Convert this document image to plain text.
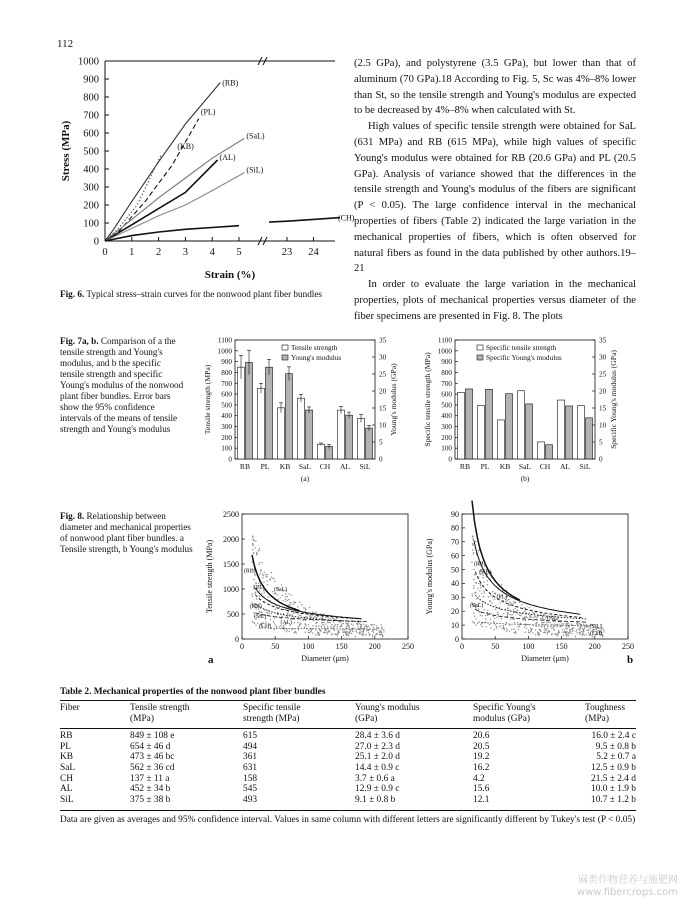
112

(2.5 GPa), and polystyrene (3.5 GPa), but lower than that of aluminum (70 GPa).18 According to Fig. 5, Sc was 4%–8% lower than St, so the tensile strength and Young's modulus are expected to be decreased by 4%–8% when calculated with St.

High values of specific tensile strength were obtained for SaL (631 MPa) and RB (615 MPa), while high values of specific Young's modulus were obtained for RB (20.6 GPa) and PL (20.5 GPa). Analysis of variance showed that the differences in the tensile strength and Young's modulus of the fibers are significant (P < 0.05). The large confidence interval in the mechanical properties of fibers (Table 2) indicated the large variation in the mechanical properties of fibers, which is often observed for natural fibers as found in the data published by other authors.19–21

In order to evaluate the large variation in the mechanical properties, plots of mechanical properties versus diameter of the fiber specimens are presented in Fig. 8. The plots

0
100
200
300
400
500
600
700
800
900
1000
0 1 2 3 4 5	23 24
Stress (MPa)
Strain (%)
(RB)
(PL)
(KB)
(SaL)
(AL)
(SiL)
(CH)
Fig. 6. Typical stress–strain curves for the nonwood plant fiber bundles
Fig. 7a, b. Comparison of a the tensile strength and Young's modulus, and b the specific tensile strength and specific Young's modulus of the nonwood plant fiber bundles. Error bars show the 95% confidence intervals of the means of tensile strength and Young's modulus
0
100
200
300
400
500
600
700
800
900
1000
1100
0
5
10
15
20
25
30
35
Tensile strength (MPa)	Young's modulus (GPa)
RB PL KB SaL CH AL SiL
Tensile strength
Young's modulus
(a)
0
100
200
300
400
500
600
700
800
900
1000
1100
0
5
10
15
20
25
30
35
Specific tensile strength (MPa)	Specific Young's modulus (GPa)
RB PL KB SaL CH AL SiL
Specific tensile strength
Specific Young's modulus
(b)
Fig. 8. Relationship between diameter and mechanical properties of nonwood plant fiber bundles. a Tensile strength, b Young's modulus
0
500
1000
1500
2000
2500
0	50	100	150	200	250
Tensile strength (MPa)
Diameter (μm)
(RB)
(PL) (SaL)
(KB)
(SiL)
(AL)
(CH)
0
10
20
30
40
50
60
70
80
90
0	50	100	150	200	250
Young's modulus (GPa)
Diameter (μm)
(RB)
(KB)
(PL)
(SaL)
(AL)
(SiL)
(CH)
a	b
Table 2. Mechanical properties of the nonwood plant fiber bundles
Fiber	Tensile strength	Specific tensile	Young's modulus	Specific Young's	Toughness
	(MPa)	strength (MPa)	(GPa)	modulus (GPa)	(MPa)

RB	849 ± 108 e	615	28.4 ± 3.6 d	20.6	16.0 ± 2.4 c
PL	654 ± 46 d	494	27.0 ± 2.3 d	20.5	9.5 ± 0.8 b
KB	473 ± 46 bc	361	25.1 ± 2.0 d	19.2	5.2 ± 0.7 a
SaL	562 ± 36 cd	631	14.4 ± 0.9 c	16.2	12.5 ± 0.9 b
CH	137 ± 11 a	158	3.7 ± 0.6 a	4.2	21.5 ± 2.4 d
AL	452 ± 34 b	545	12.9 ± 0.9 c	15.6	10.0 ± 1.9 b
SiL	375 ± 38 b	493	9.1 ± 0.8 b	12.1	10.7 ± 1.2 b
Data are given as averages and 95% confidence interval. Values in same column with different letters are significantly different by Tukey's test (P < 0.05)
麻类作物营养与施肥网
www.fibercrops.com
